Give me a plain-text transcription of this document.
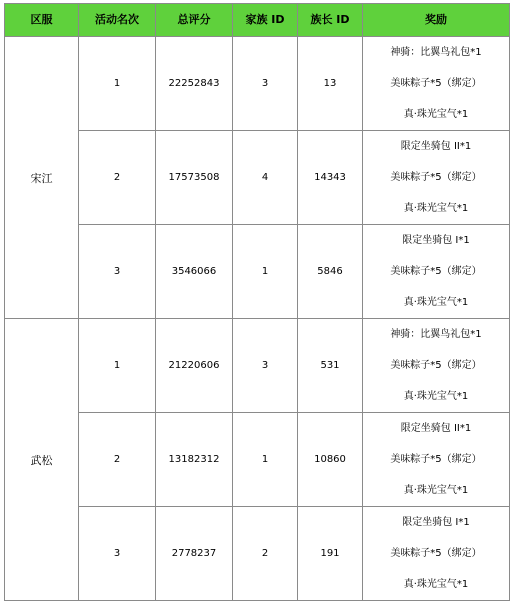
区服	活动名次	总评分	家族 ID	族长 ID	奖励
宋江	1	22252843	3	13	神骑：比翼鸟礼包*1
美味粽子*5（绑定）
真·珠光宝气*1

	2	17573508	4	14343	限定坐骑包 II*1
美味粽子*5（绑定）
真·珠光宝气*1

	3	3546066	1	5846	限定坐骑包 I*1
美味粽子*5（绑定）
真·珠光宝气*1

武松	1	21220606	3	531	神骑：比翼鸟礼包*1
美味粽子*5（绑定）
真·珠光宝气*1

	2	13182312	1	10860	限定坐骑包 II*1
美味粽子*5（绑定）
真·珠光宝气*1

	3	2778237	2	191	限定坐骑包 I*1
美味粽子*5（绑定）
真·珠光宝气*1
